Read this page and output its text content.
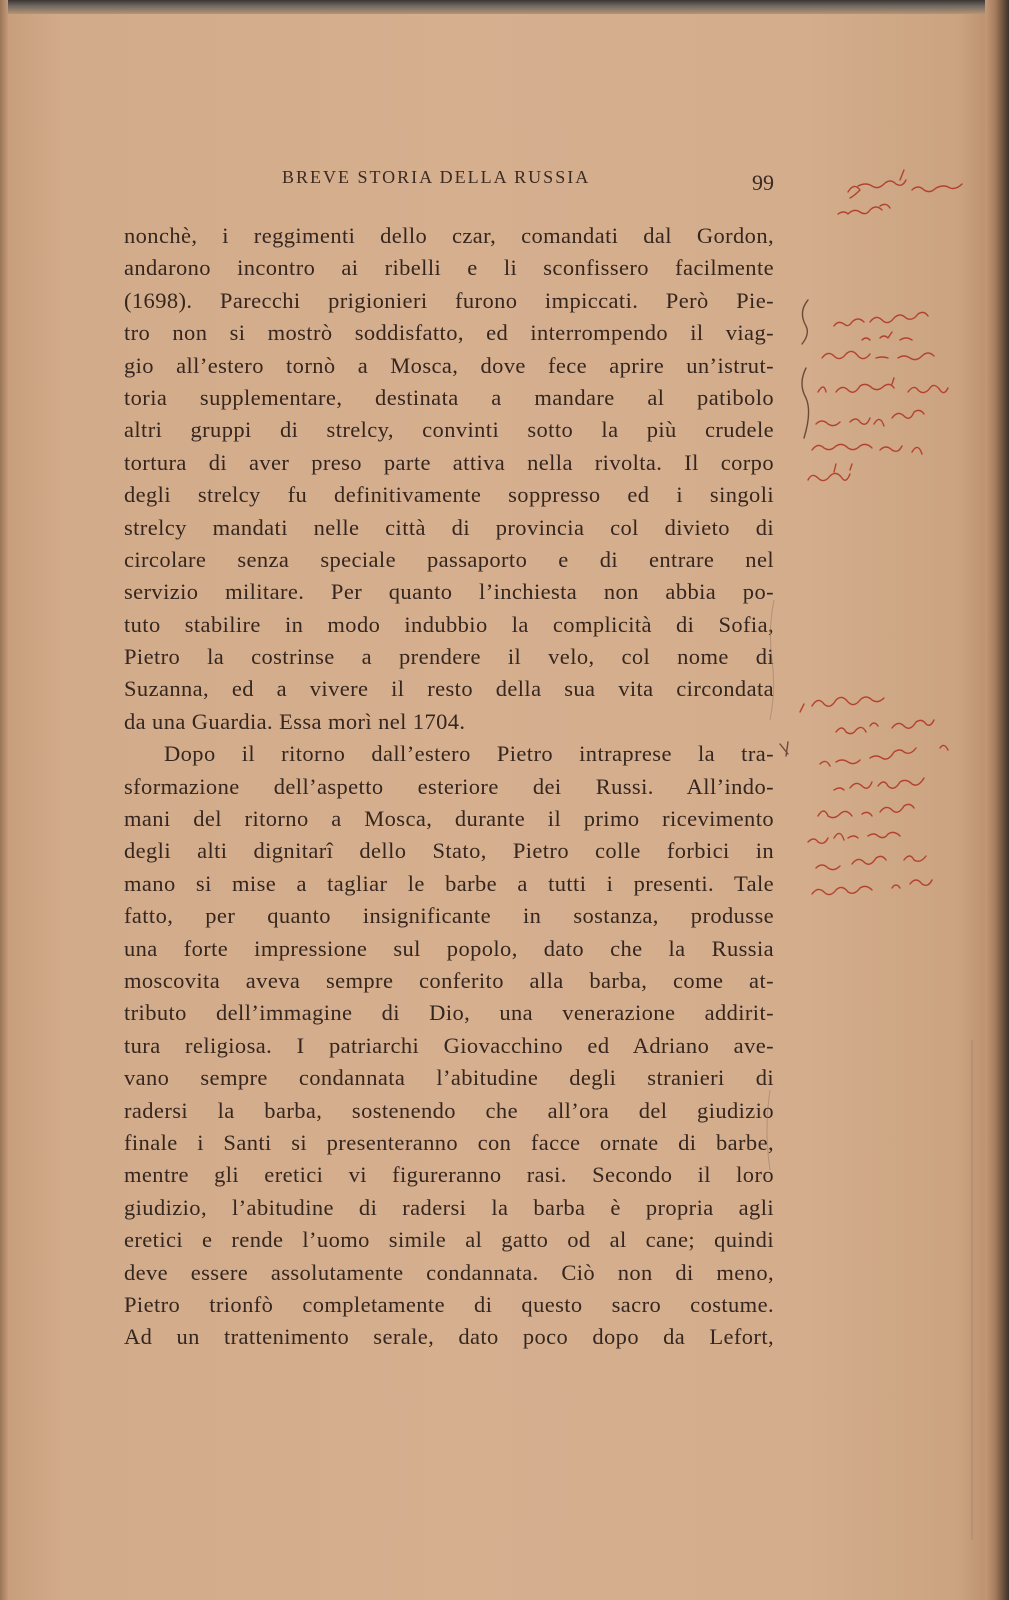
BREVE STORIA DELLA RUSSIA	99
nonchè, i reggimenti dello czar, comandati dal Gordon,
andarono incontro ai ribelli e li sconfissero facilmente
(1698). Parecchi prigionieri furono impiccati. Però Pie-
tro non si mostrò soddisfatto, ed interrompendo il viag-
gio all’estero tornò a Mosca, dove fece aprire un’istrut-
toria supplementare, destinata a mandare al patibolo
altri gruppi di strelcy, convinti sotto la più crudele
tortura di aver preso parte attiva nella rivolta. Il corpo
degli strelcy fu definitivamente soppresso ed i singoli
strelcy mandati nelle città di provincia col divieto di
circolare senza speciale passaporto e di entrare nel
servizio militare. Per quanto l’inchiesta non abbia po-
tuto stabilire in modo indubbio la complicità di Sofia,
Pietro la costrinse a prendere il velo, col nome di
Suzanna, ed a vivere il resto della sua vita circondata
da una Guardia. Essa morì nel 1704.
Dopo il ritorno dall’estero Pietro intraprese la tra-
sformazione dell’aspetto esteriore dei Russi. All’indo-
mani del ritorno a Mosca, durante il primo ricevimento
degli alti dignitarî dello Stato, Pietro colle forbici in
mano si mise a tagliar le barbe a tutti i presenti. Tale
fatto, per quanto insignificante in sostanza, produsse
una forte impressione sul popolo, dato che la Russia
moscovita aveva sempre conferito alla barba, come at-
tributo dell’immagine di Dio, una venerazione addirit-
tura religiosa. I patriarchi Giovacchino ed Adriano ave-
vano sempre condannata l’abitudine degli stranieri di
radersi la barba, sostenendo che all’ora del giudizio
finale i Santi si presenteranno con facce ornate di barbe,
mentre gli eretici vi figureranno rasi. Secondo il loro
giudizio, l’abitudine di radersi la barba è propria agli
eretici e rende l’uomo simile al gatto od al cane; quindi
deve essere assolutamente condannata. Ciò non di meno,
Pietro trionfò completamente di questo sacro costume.
Ad un trattenimento serale, dato poco dopo da Lefort,
